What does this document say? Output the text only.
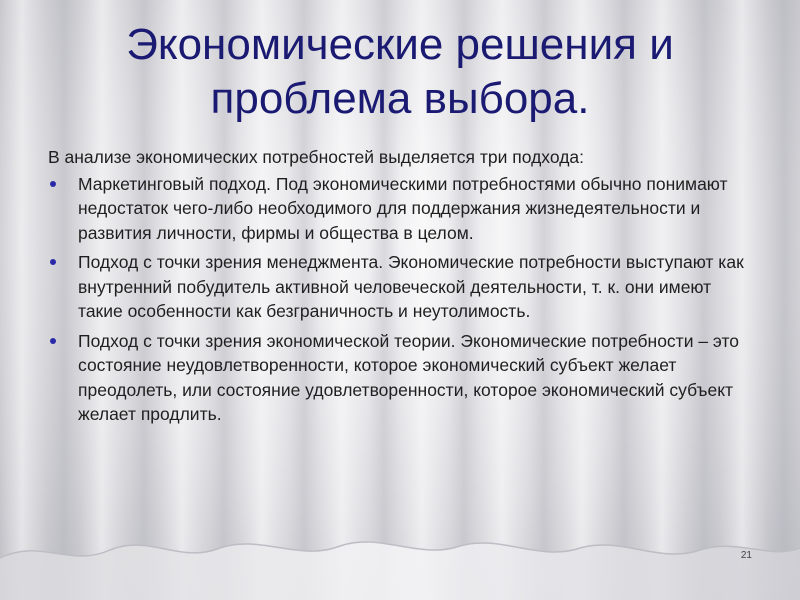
Экономические решения и проблема выбора.

В анализе экономических потребностей выделяется три подхода:

Маркетинговый подход. Под экономическими потребностями обычно понимают недостаток чего-либо необходимого для поддержания жизнедеятельности и развития личности, фирмы и общества в целом.
Подход с точки зрения менеджмента. Экономические потребности выступают как внутренний побудитель активной человеческой деятельности, т. к. они имеют такие особенности как безграничность и неутолимость.
Подход с точки зрения экономической теории. Экономические потребности – это состояние неудовлетворенности, которое экономический субъект желает преодолеть, или состояние удовлетворенности, которое экономический субъект желает продлить.
21
